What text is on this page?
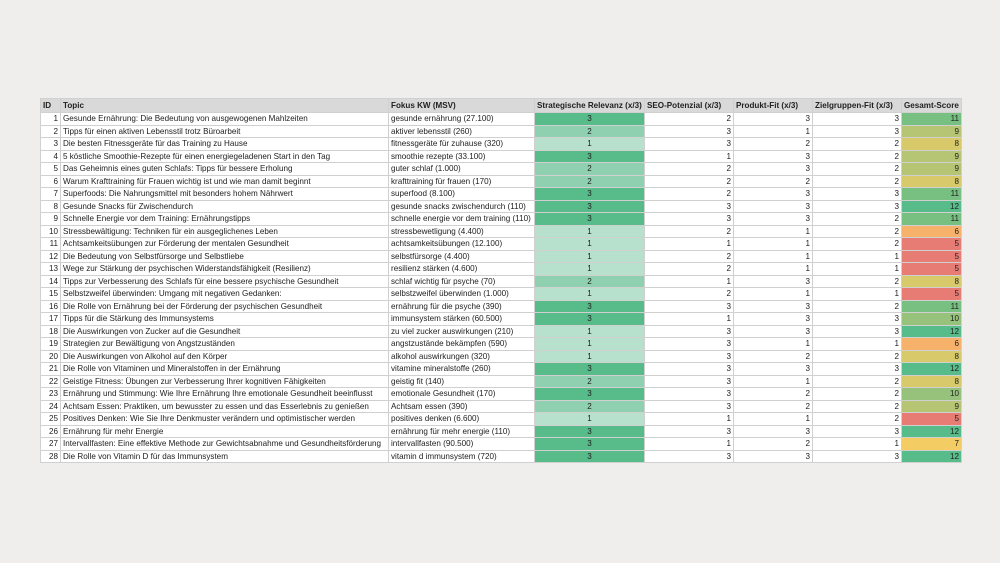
ID	Topic	Fokus KW (MSV)	Strategische Relevanz (x/3)	SEO-Potenzial (x/3)	Produkt-Fit (x/3)	Zielgruppen-Fit (x/3)	Gesamt-Score
1	Gesunde Ernährung: Die Bedeutung von ausgewogenen Mahlzeiten	gesunde ernährung (27.100)	3	2	3	3	11
2	Tipps für einen aktiven Lebensstil trotz Büroarbeit	aktiver lebensstil (260)	2	3	1	3	9
3	Die besten Fitnessgeräte für das Training zu Hause	fitnessgeräte für zuhause (320)	1	3	2	2	8
4	5 köstliche Smoothie-Rezepte für einen energiegeladenen Start in den Tag	smoothie rezepte (33.100)	3	1	3	2	9
5	Das Geheimnis eines guten Schlafs: Tipps für bessere Erholung	guter schlaf (1.000)	2	2	3	2	9
6	Warum Krafttraining für Frauen wichtig ist und wie man damit beginnt	krafttraining für frauen (170)	2	2	2	2	8
7	Superfoods: Die Nahrungsmittel mit besonders hohem Nährwert	superfood (8.100)	3	2	3	3	11
8	Gesunde Snacks für Zwischendurch	gesunde snacks zwischendurch (110)	3	3	3	3	12
9	Schnelle Energie vor dem Training: Ernährungstipps	schnelle energie vor dem training (110)	3	3	3	2	11
10	Stressbewältigung: Techniken für ein ausgeglichenes Leben	stressbewetligung (4.400)	1	2	1	2	6
11	Achtsamkeitsübungen zur Förderung der mentalen Gesundheit	achtsamkeitsübungen (12.100)	1	1	1	2	5
12	Die Bedeutung von Selbstfürsorge und Selbstliebe	selbstfürsorge (4.400)	1	2	1	1	5
13	Wege zur Stärkung der psychischen Widerstandsfähigkeit (Resilienz)	resilienz stärken (4.600)	1	2	1	1	5
14	Tipps zur Verbesserung des Schlafs für eine bessere psychische Gesundheit	schlaf wichtig für psyche (70)	2	1	3	2	8
15	Selbstzweifel überwinden: Umgang mit negativen Gedanken:	selbstzweifel überwinden (1.000)	1	2	1	1	5
16	Die Rolle von Ernährung bei der Förderung der psychischen Gesundheit	ernährung für die psyche (390)	3	3	3	2	11
17	Tipps für die Stärkung des Immunsystems	immunsystem stärken (60.500)	3	1	3	3	10
18	Die Auswirkungen von Zucker auf die Gesundheit	zu viel zucker auswirkungen (210)	1	3	3	3	12
19	Strategien zur Bewältigung von Angstzuständen	angstzustände bekämpfen (590)	1	3	1	1	6
20	Die Auswirkungen von Alkohol auf den Körper	alkohol auswirkungen (320)	1	3	2	2	8
21	Die Rolle von Vitaminen und Mineralstoffen in der Ernährung	vitamine mineralstoffe (260)	3	3	3	3	12
22	Geistige Fitness: Übungen zur Verbesserung Ihrer kognitiven Fähigkeiten	geistig fit (140)	2	3	1	2	8
23	Ernährung und Stimmung: Wie Ihre Ernährung Ihre emotionale Gesundheit beeinflusst	emotionale Gesundheit (170)	3	3	2	2	10
24	Achtsam Essen: Praktiken, um bewusster zu essen und das Esserlebnis zu genießen	Achtsam essen (390)	2	3	2	2	9
25	Positives Denken: Wie Sie Ihre Denkmuster verändern und optimistischer werden	positives denken (6.600)	1	1	1	2	5
26	Ernährung für mehr Energie	ernährung für mehr energie (110)	3	3	3	3	12
27	Intervallfasten: Eine effektive Methode zur Gewichtsabnahme und Gesundheitsförderung	intervallfasten (90.500)	3	1	2	1	7
28	Die Rolle von Vitamin D für das Immunsystem	vitamin d immunsystem (720)	3	3	3	3	12
